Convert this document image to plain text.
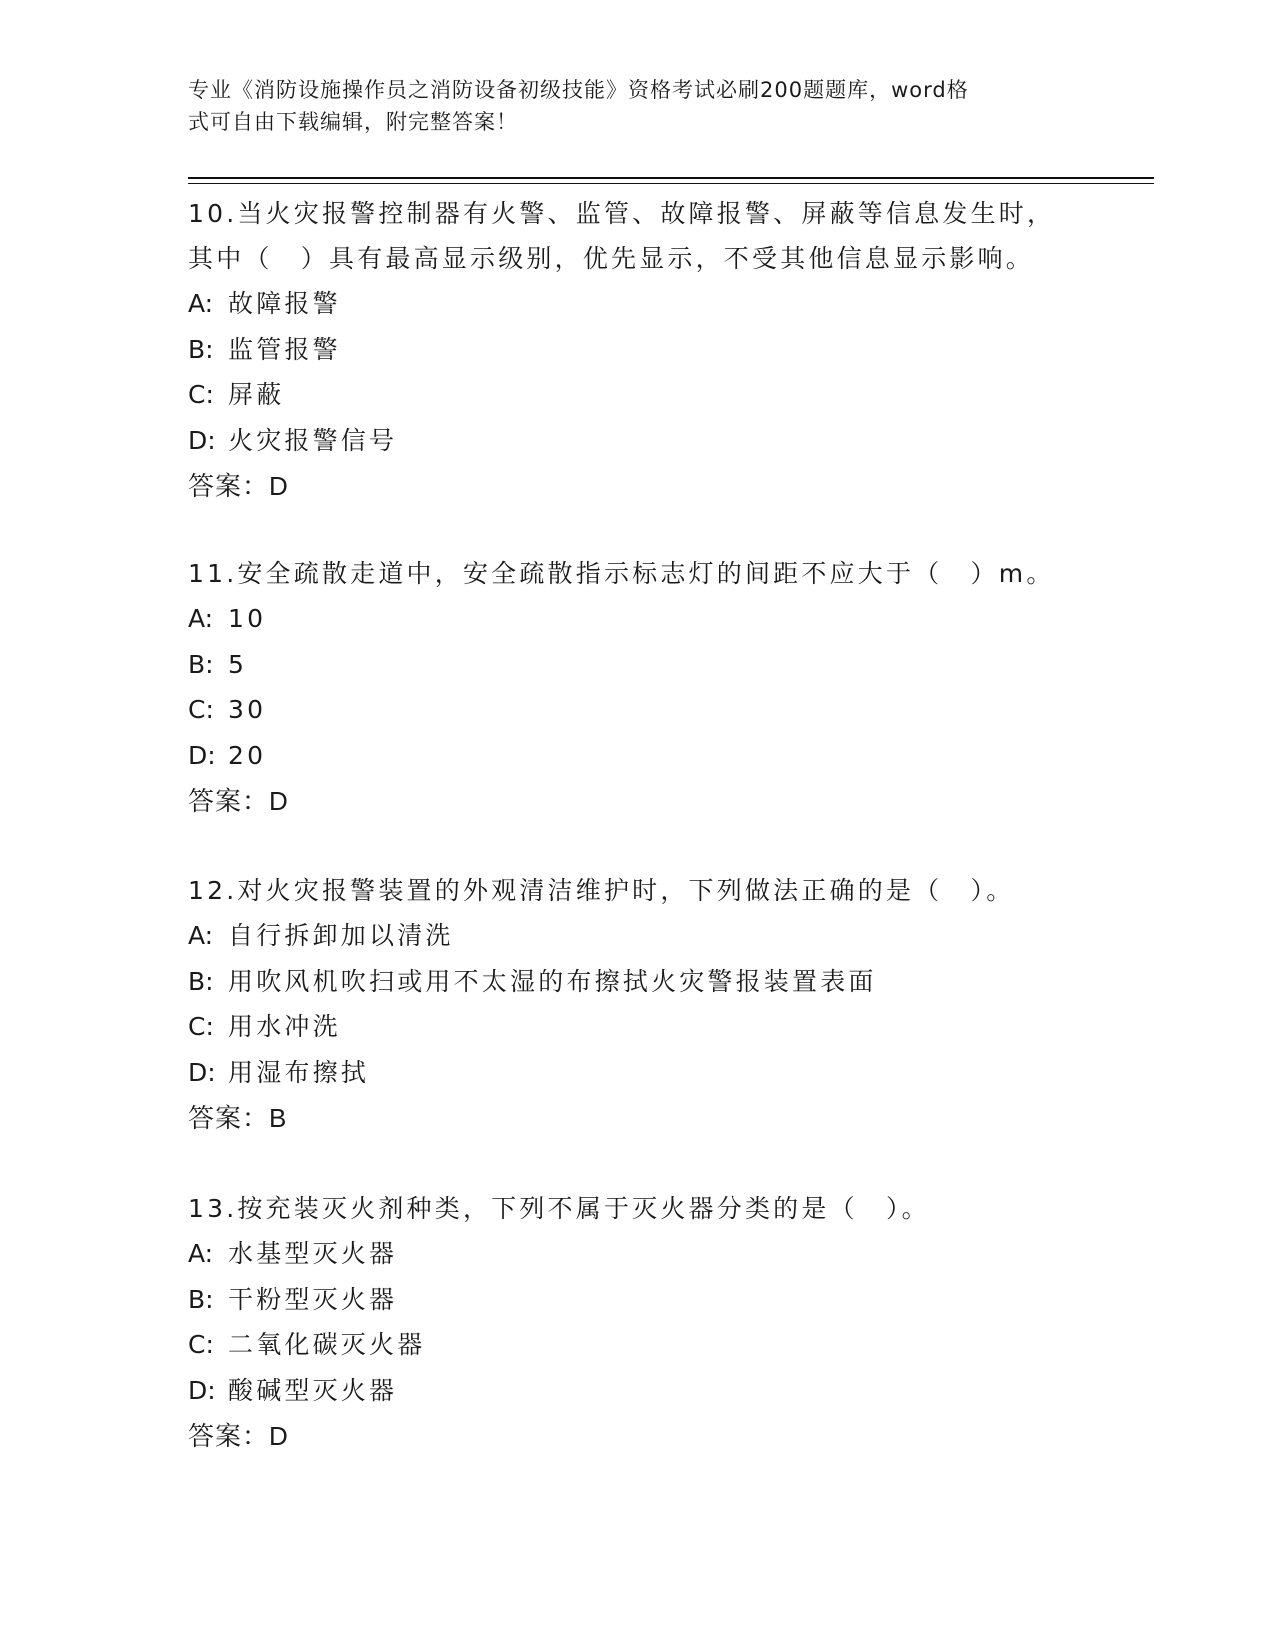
专业《消防设施操作员之消防设备初级技能》资格考试必刷200题题库，word格
式可自由下载编辑，附完整答案！
10.当火灾报警控制器有火警、监管、故障报警、屏蔽等信息发生时，
其中（　）具有最高显示级别，优先显示，不受其他信息显示影响。
A: 故障报警
B: 监管报警
C: 屏蔽
D: 火灾报警信号
答案：D
11.安全疏散走道中，安全疏散指示标志灯的间距不应大于（　）m。
A: 10
B: 5
C: 30
D: 20
答案：D
12.对火灾报警装置的外观清洁维护时，下列做法正确的是（　）。
A: 自行拆卸加以清洗
B: 用吹风机吹扫或用不太湿的布擦拭火灾警报装置表面
C: 用水冲洗
D: 用湿布擦拭
答案：B
13.按充装灭火剂种类，下列不属于灭火器分类的是（　）。
A: 水基型灭火器
B: 干粉型灭火器
C: 二氧化碳灭火器
D: 酸碱型灭火器
答案：D
